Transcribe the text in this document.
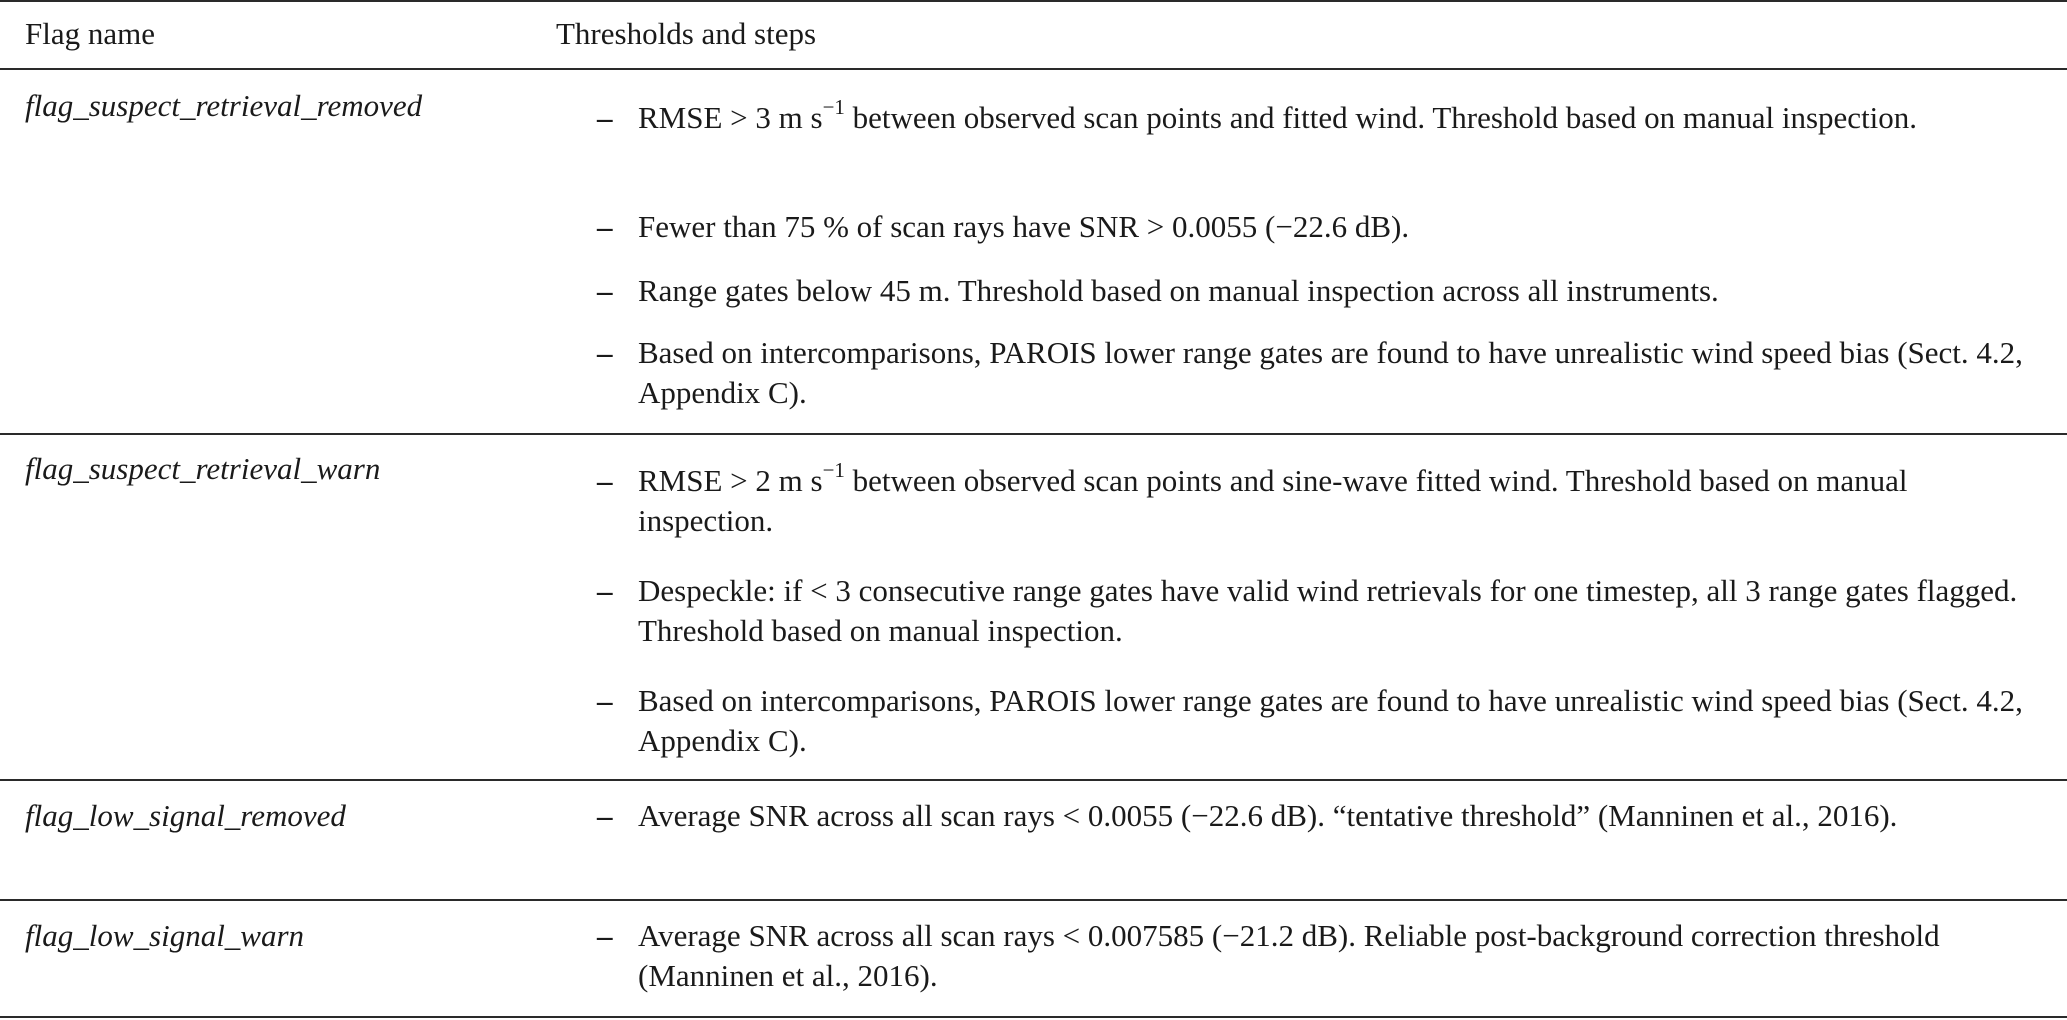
Flag name	Thresholds and steps
flag_suspect_retrieval_removed	– RMSE > 3 m $s^{-1}$ between observed scan points and fitted wind. Threshold based on manual inspection.
– Fewer than 75 % of scan rays have SNR > 0.0055 (−22.6 dB).
– Range gates below 45 m. Threshold based on manual inspection across all instruments.
– Based on intercomparisons, PAROIS lower range gates are found to have unrealistic wind speed bias (Sect. 4.2, Appendix C).
flag_suspect_retrieval_warn	– RMSE > 2 m $s^{-1}$ between observed scan points and sine-wave fitted wind. Threshold based on manual inspection.
– Despeckle: if < 3 consecutive range gates have valid wind retrievals for one timestep, all 3 range gates flagged. Threshold based on manual inspection.
– Based on intercomparisons, PAROIS lower range gates are found to have unrealistic wind speed bias (Sect. 4.2, Appendix C).
flag_low_signal_removed	– Average SNR across all scan rays < 0.0055 (−22.6 dB). “tentative threshold” (Manninen et al., 2016).
flag_low_signal_warn	– Average SNR across all scan rays < 0.007585 (−21.2 dB). Reliable post-background correction threshold (Manninen et al., 2016).
